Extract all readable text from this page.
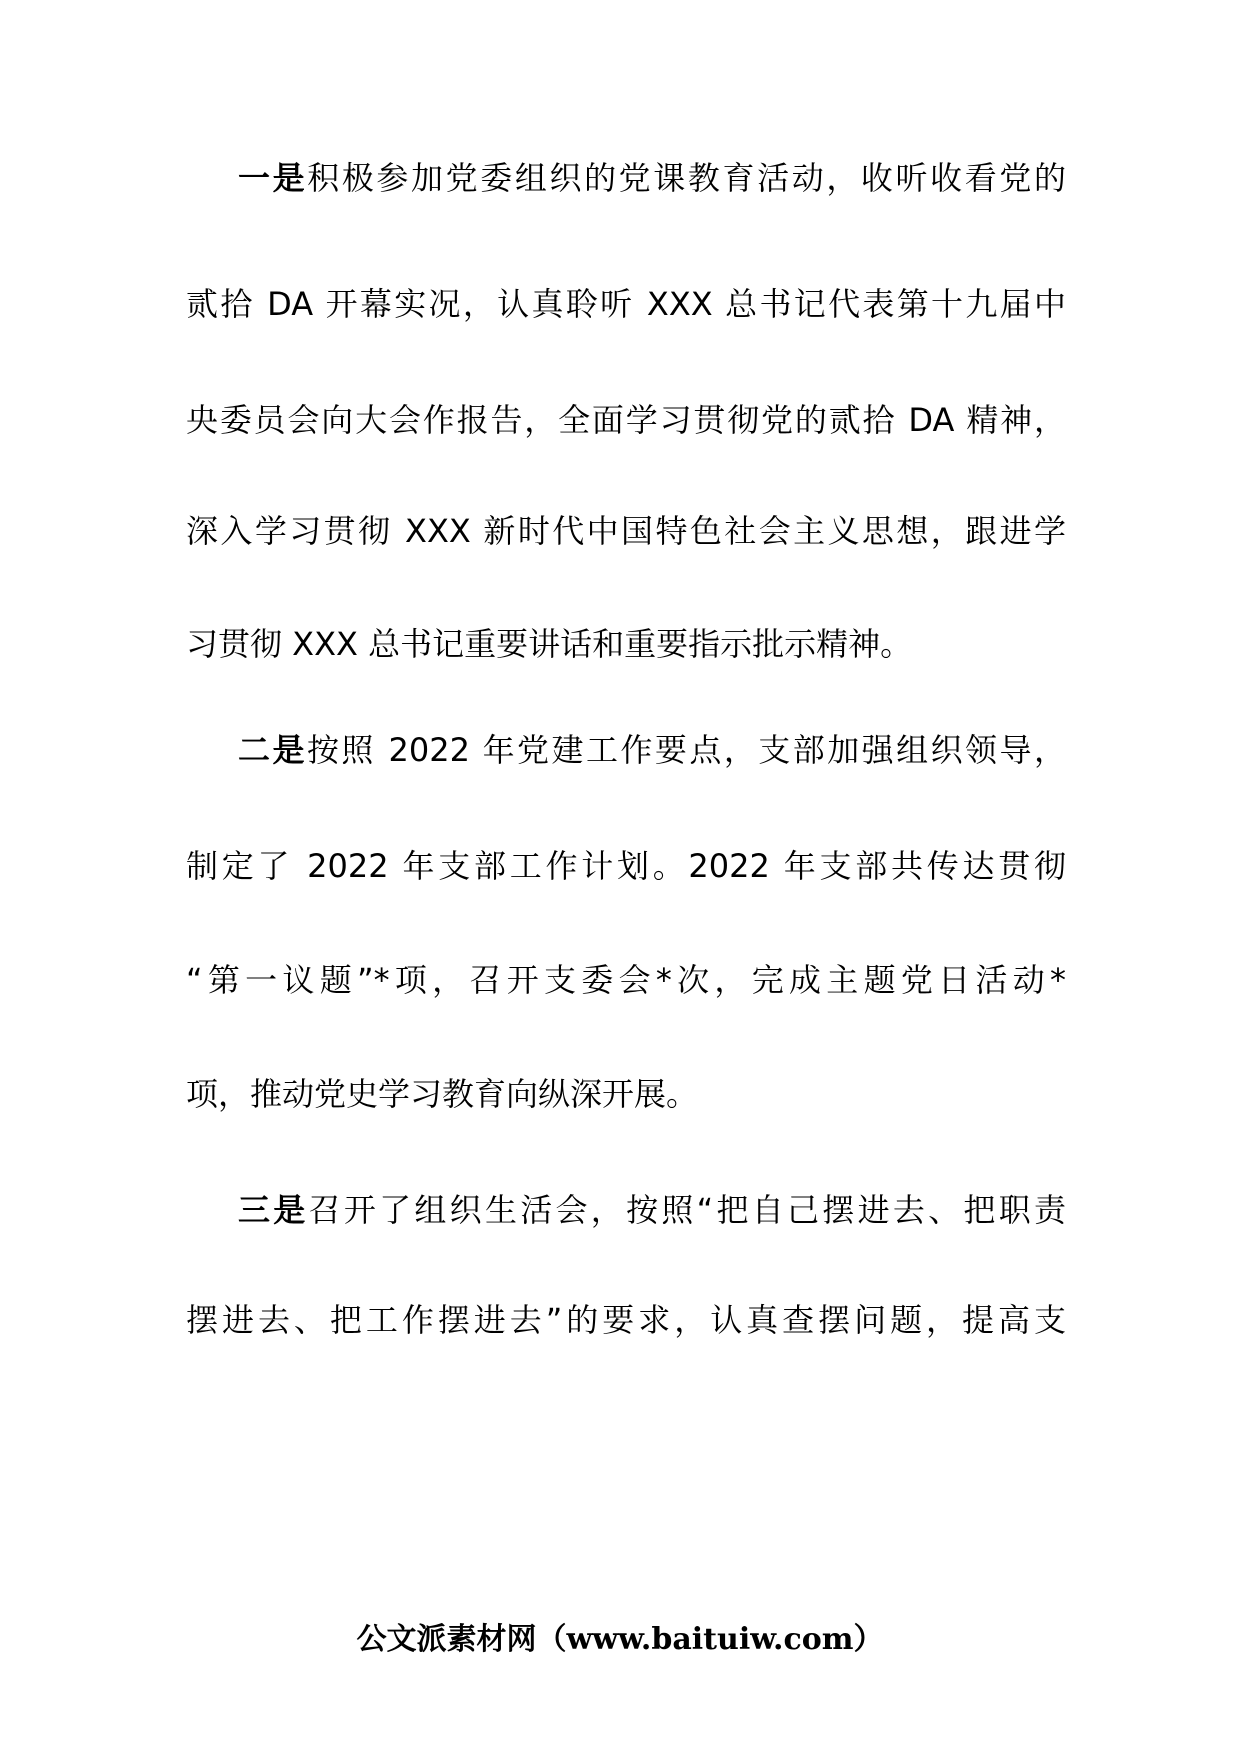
一是积极参加党委组织的党课教育活动，收听收看党的
贰拾 DA 开幕实况，认真聆听 XXX 总书记代表第十九届中
央委员会向大会作报告，全面学习贯彻党的贰拾 DA 精神，
深入学习贯彻 XXX 新时代中国特色社会主义思想，跟进学
习贯彻 XXX 总书记重要讲话和重要指示批示精神。
二是按照 2022 年党建工作要点，支部加强组织领导，
制定了 2022 年支部工作计划。2022 年支部共传达贯彻
“第一议题”*项，召开支委会*次，完成主题党日活动*
项，推动党史学习教育向纵深开展。
三是召开了组织生活会，按照“把自己摆进去、把职责
摆进去、把工作摆进去”的要求，认真查摆问题，提高支
公文派素材网（www.baituiw.com）
